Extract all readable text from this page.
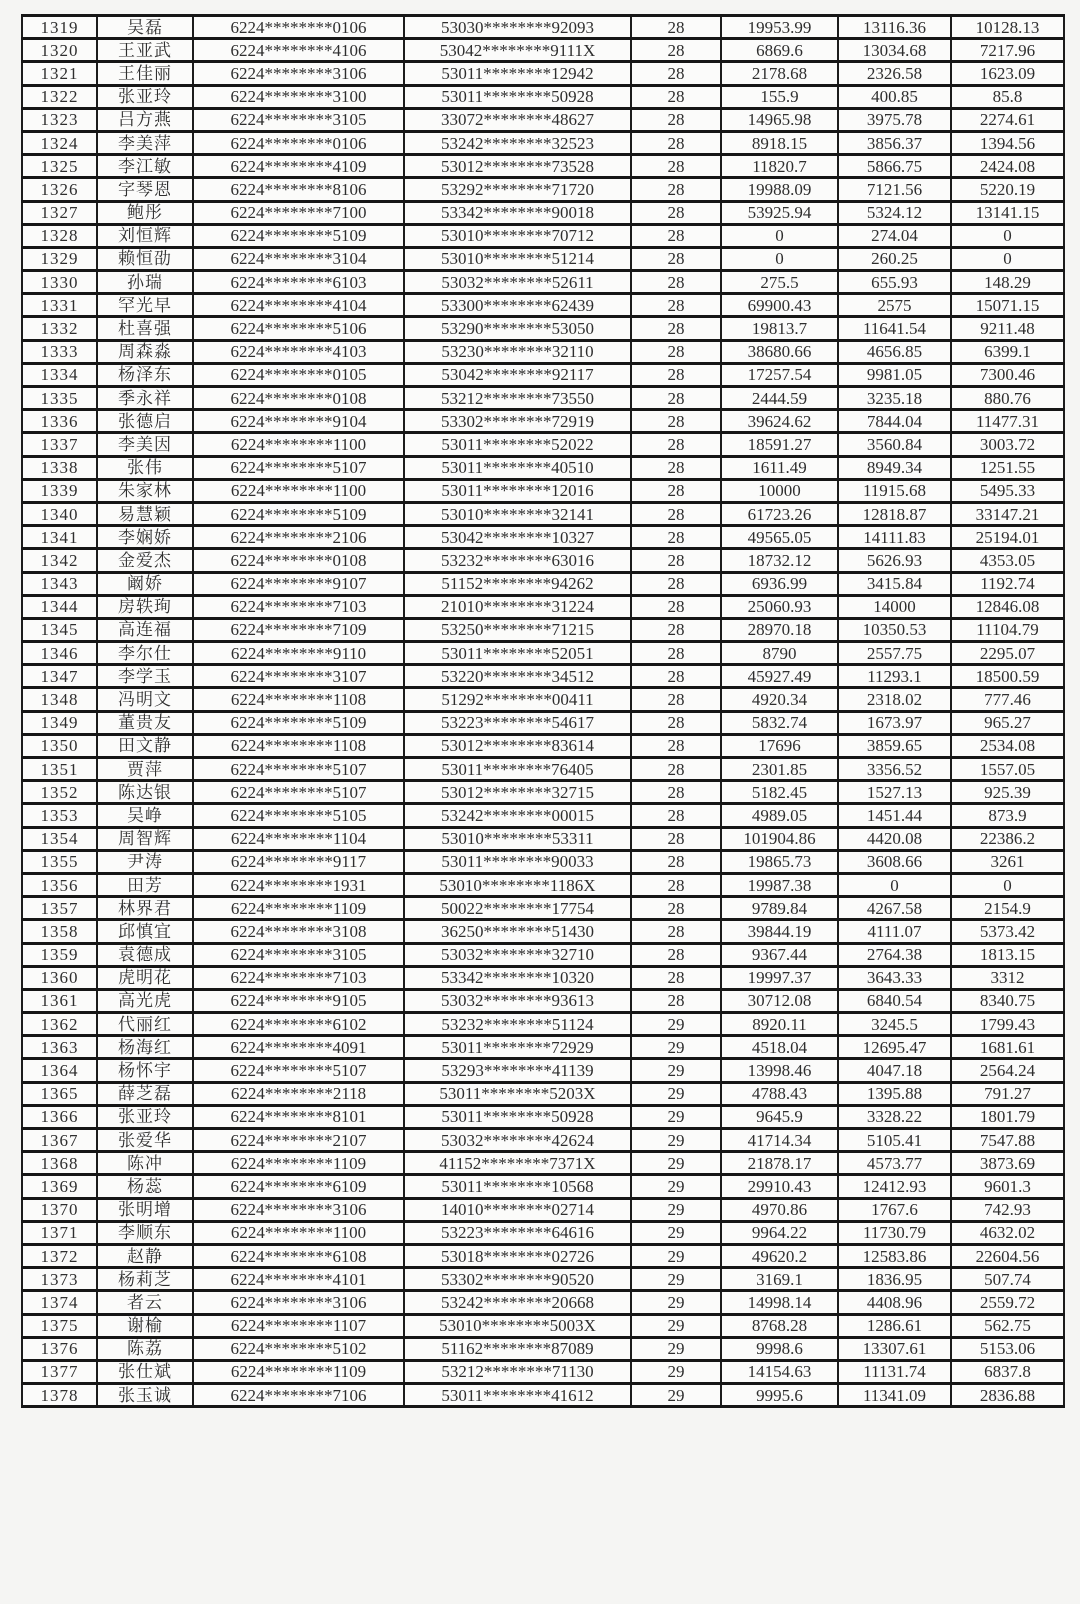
1319	吴磊	6224********0106	53030********92093	28	19953.99	13116.36	10128.13
1320	王亚武	6224********4106	53042********9111X	28	6869.6	13034.68	7217.96
1321	王佳丽	6224********3106	53011********12942	28	2178.68	2326.58	1623.09
1322	张亚玲	6224********3100	53011********50928	28	155.9	400.85	85.8
1323	吕方燕	6224********3105	33072********48627	28	14965.98	3975.78	2274.61
1324	李美萍	6224********0106	53242********32523	28	8918.15	3856.37	1394.56
1325	李江敏	6224********4109	53012********73528	28	11820.7	5866.75	2424.08
1326	字琴恩	6224********8106	53292********71720	28	19988.09	7121.56	5220.19
1327	鲍彤	6224********7100	53342********90018	28	53925.94	5324.12	13141.15
1328	刘恒辉	6224********5109	53010********70712	28	0	274.04	0
1329	赖恒劭	6224********3104	53010********51214	28	0	260.25	0
1330	孙瑞	6224********6103	53032********52611	28	275.5	655.93	148.29
1331	罕光早	6224********4104	53300********62439	28	69900.43	2575	15071.15
1332	杜喜强	6224********5106	53290********53050	28	19813.7	11641.54	9211.48
1333	周森淼	6224********4103	53230********32110	28	38680.66	4656.85	6399.1
1334	杨泽东	6224********0105	53042********92117	28	17257.54	9981.05	7300.46
1335	季永祥	6224********0108	53212********73550	28	2444.59	3235.18	880.76
1336	张德启	6224********9104	53302********72919	28	39624.62	7844.04	11477.31
1337	李美因	6224********1100	53011********52022	28	18591.27	3560.84	3003.72
1338	张伟	6224********5107	53011********40510	28	1611.49	8949.34	1251.55
1339	朱家林	6224********1100	53011********12016	28	10000	11915.68	5495.33
1340	易慧颖	6224********5109	53010********32141	28	61723.26	12818.87	33147.21
1341	李娴娇	6224********2106	53042********10327	28	49565.05	14111.83	25194.01
1342	金爱杰	6224********0108	53232********63016	28	18732.12	5626.93	4353.05
1343	阚娇	6224********9107	51152********94262	28	6936.99	3415.84	1192.74
1344	房轶珣	6224********7103	21010********31224	28	25060.93	14000	12846.08
1345	高连福	6224********7109	53250********71215	28	28970.18	10350.53	11104.79
1346	李尔仕	6224********9110	53011********52051	28	8790	2557.75	2295.07
1347	李学玉	6224********3107	53220********34512	28	45927.49	11293.1	18500.59
1348	冯明文	6224********1108	51292********00411	28	4920.34	2318.02	777.46
1349	董贵友	6224********5109	53223********54617	28	5832.74	1673.97	965.27
1350	田文静	6224********1108	53012********83614	28	17696	3859.65	2534.08
1351	贾萍	6224********5107	53011********76405	28	2301.85	3356.52	1557.05
1352	陈达银	6224********5107	53012********32715	28	5182.45	1527.13	925.39
1353	吴峥	6224********5105	53242********00015	28	4989.05	1451.44	873.9
1354	周智辉	6224********1104	53010********53311	28	101904.86	4420.08	22386.2
1355	尹涛	6224********9117	53011********90033	28	19865.73	3608.66	3261
1356	田芳	6224********1931	53010********1186X	28	19987.38	0	0
1357	林界君	6224********1109	50022********17754	28	9789.84	4267.58	2154.9
1358	邱慎宜	6224********3108	36250********51430	28	39844.19	4111.07	5373.42
1359	袁德成	6224********3105	53032********32710	28	9367.44	2764.38	1813.15
1360	虎明花	6224********7103	53342********10320	28	19997.37	3643.33	3312
1361	高光虎	6224********9105	53032********93613	28	30712.08	6840.54	8340.75
1362	代丽红	6224********6102	53232********51124	29	8920.11	3245.5	1799.43
1363	杨海红	6224********4091	53011********72929	29	4518.04	12695.47	1681.61
1364	杨怀宇	6224********5107	53293********41139	29	13998.46	4047.18	2564.24
1365	薛芝磊	6224********2118	53011********5203X	29	4788.43	1395.88	791.27
1366	张亚玲	6224********8101	53011********50928	29	9645.9	3328.22	1801.79
1367	张爱华	6224********2107	53032********42624	29	41714.34	5105.41	7547.88
1368	陈冲	6224********1109	41152********7371X	29	21878.17	4573.77	3873.69
1369	杨蕊	6224********6109	53011********10568	29	29910.43	12412.93	9601.3
1370	张明增	6224********3106	14010********02714	29	4970.86	1767.6	742.93
1371	李顺东	6224********1100	53223********64616	29	9964.22	11730.79	4632.02
1372	赵静	6224********6108	53018********02726	29	49620.2	12583.86	22604.56
1373	杨莉芝	6224********4101	53302********90520	29	3169.1	1836.95	507.74
1374	者云	6224********3106	53242********20668	29	14998.14	4408.96	2559.72
1375	谢榆	6224********1107	53010********5003X	29	8768.28	1286.61	562.75
1376	陈荔	6224********5102	51162********87089	29	9998.6	13307.61	5153.06
1377	张仕斌	6224********1109	53212********71130	29	14154.63	11131.74	6837.8
1378	张玉诚	6224********7106	53011********41612	29	9995.6	11341.09	2836.88
